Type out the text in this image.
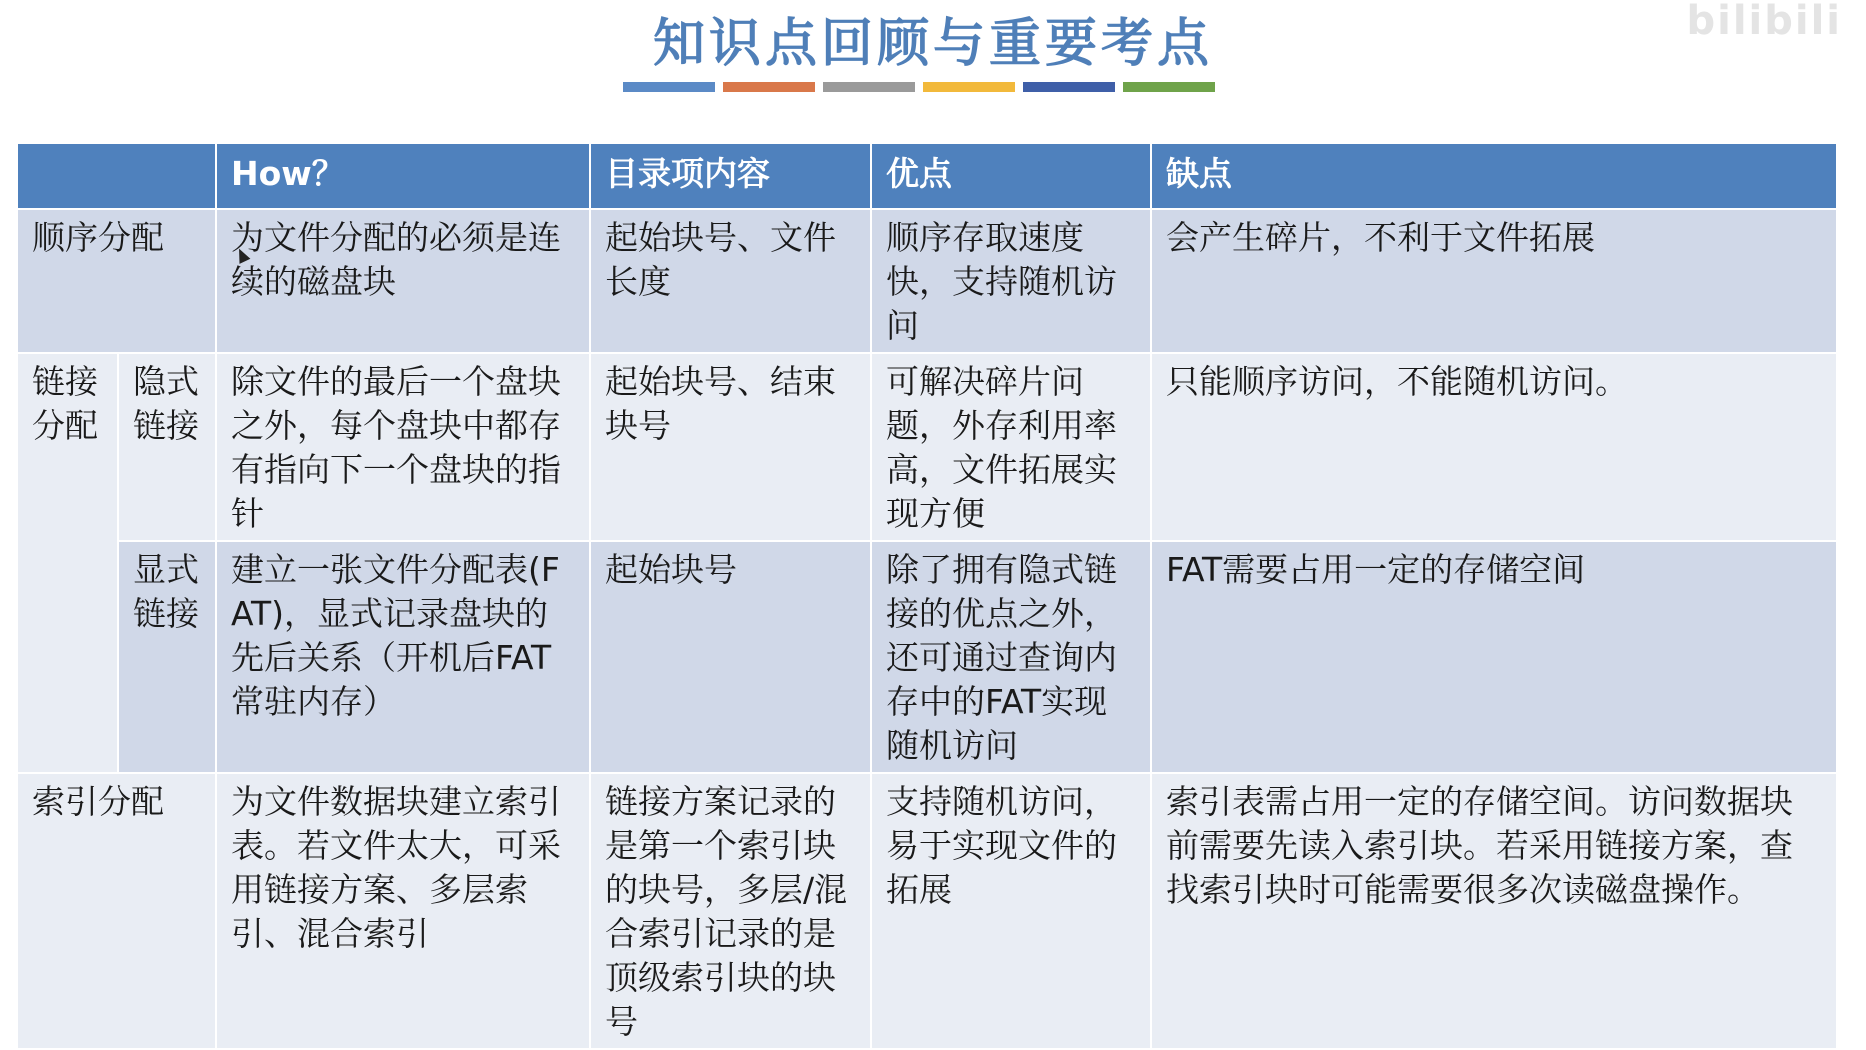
知识点回顾与重要考点	bilibili
		How？	目录项内容	优点	缺点
顺序分配		为文件分配的必须是连续的磁盘块	起始块号、文件长度	顺序存取速度快，支持随机访问	会产生碎片，不利于文件拓展
链接分配	隐式链接	除文件的最后一个盘块之外，每个盘块中都存有指向下一个盘块的指针	起始块号、结束块号	可解决碎片问题，外存利用率高，文件拓展实现方便	只能顺序访问，不能随机访问。
	显式链接	建立一张文件分配表(FAT)，显式记录盘块的先后关系（开机后FAT常驻内存）	起始块号	除了拥有隐式链接的优点之外，还可通过查询内存中的FAT实现随机访问	FAT需要占用一定的存储空间
索引分配		为文件数据块建立索引表。若文件太大，可采用链接方案、多层索引、混合索引	链接方案记录的是第一个索引块的块号，多层/混合索引记录的是顶级索引块的块号	支持随机访问，易于实现文件的拓展	索引表需占用一定的存储空间。访问数据块前需要先读入索引块。若采用链接方案，查找索引块时可能需要很多次读磁盘操作。
